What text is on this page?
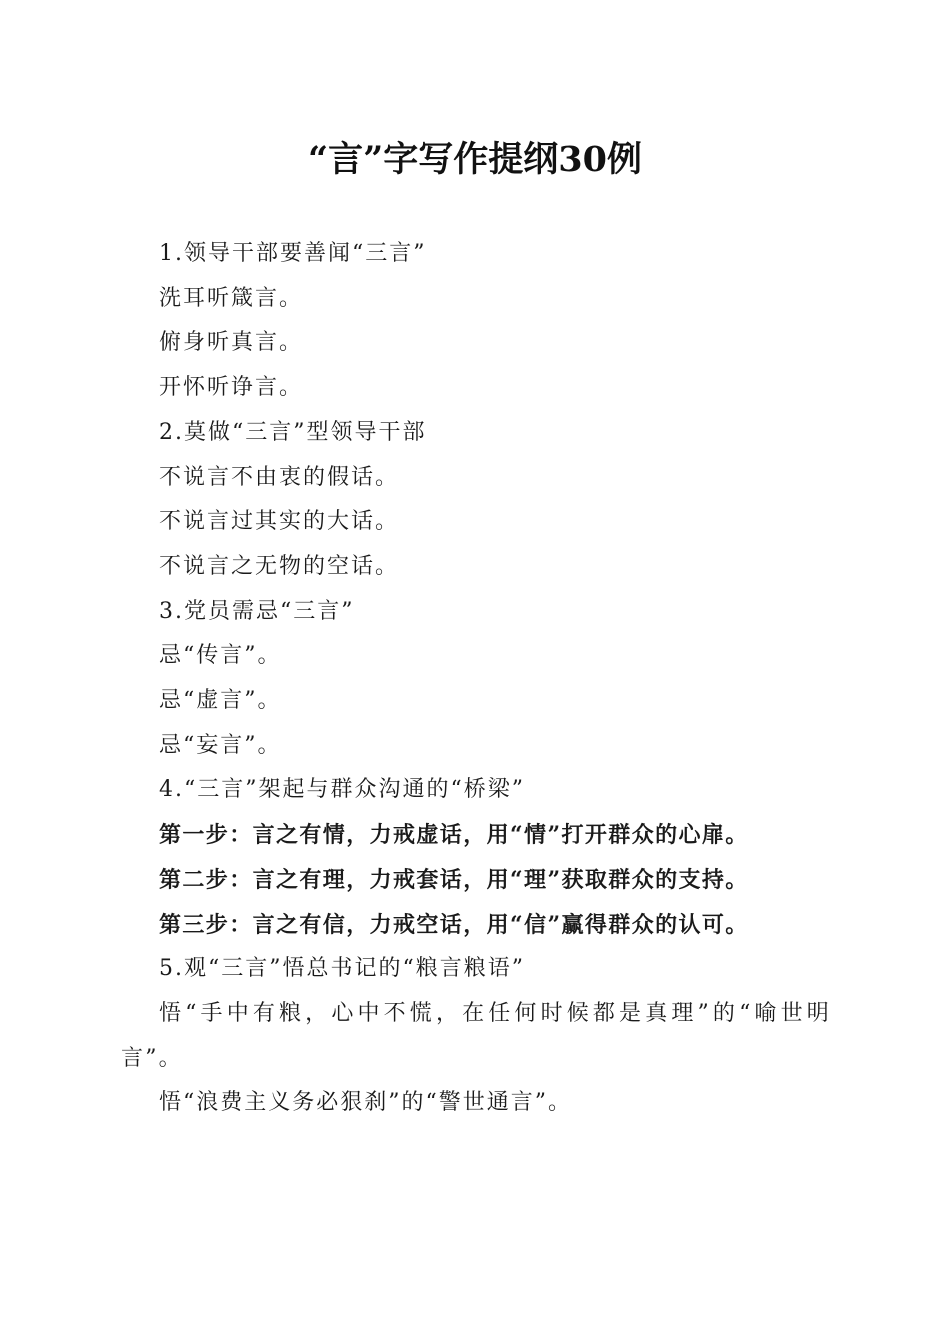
“言”字写作提纲30例
1.领导干部要善闻“三言”
洗耳听箴言。
俯身听真言。
开怀听诤言。
2.莫做“三言”型领导干部
不说言不由衷的假话。
不说言过其实的大话。
不说言之无物的空话。
3.党员需忌“三言”
忌“传言”。
忌“虚言”。
忌“妄言”。
4.“三言”架起与群众沟通的“桥梁”
第一步：言之有情，力戒虚话，用“情”打开群众的心扉。
第二步：言之有理，力戒套话，用“理”获取群众的支持。
第三步：言之有信，力戒空话，用“信”赢得群众的认可。
5.观“三言”悟总书记的“粮言粮语”
悟“手中有粮，心中不慌，在任何时候都是真理”的“喻世明言”。
悟“浪费主义务必狠刹”的“警世通言”。
